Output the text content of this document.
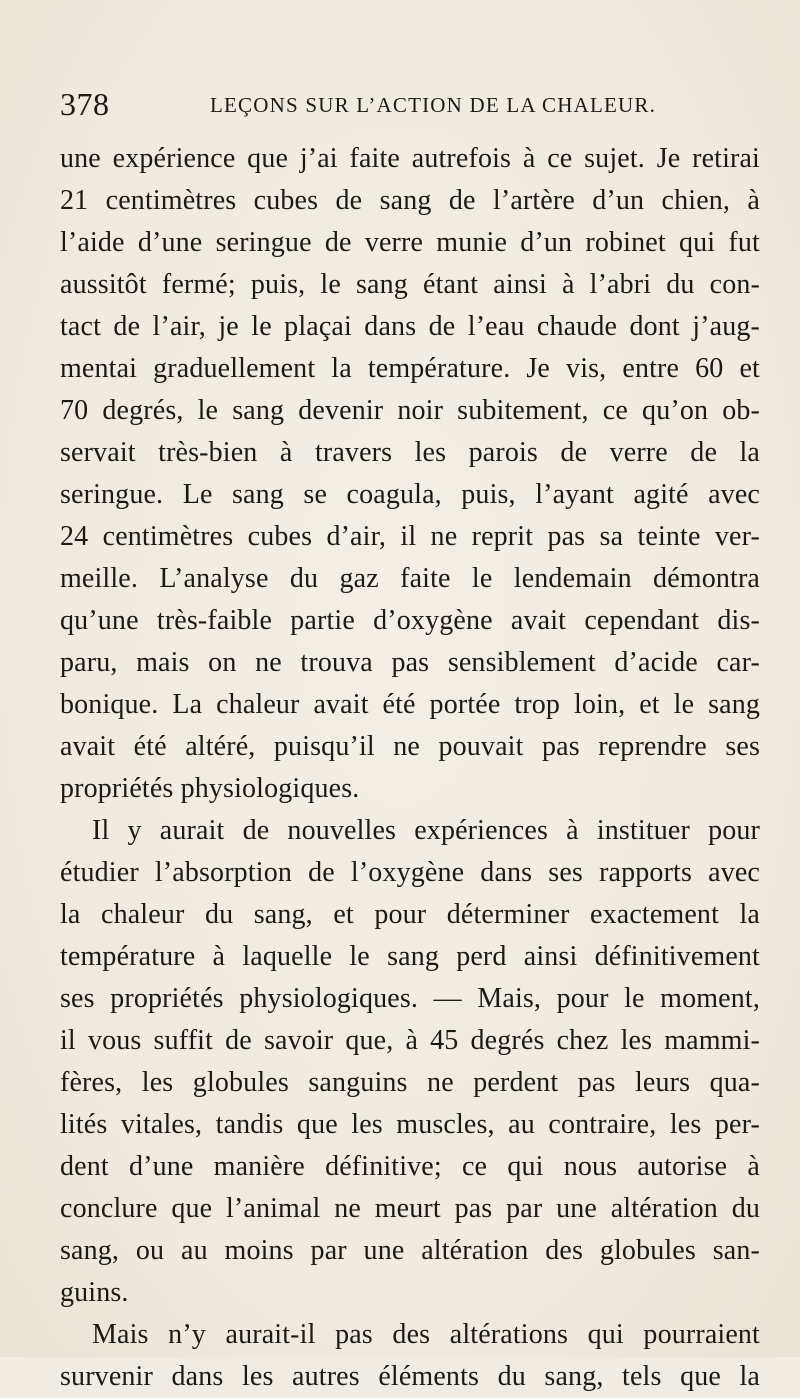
378	LEÇONS SUR L’ACTION DE LA CHALEUR.
une expérience que j’ai faite autrefois à ce sujet. Je retirai
21 centimètres cubes de sang de l’artère d’un chien, à
l’aide d’une seringue de verre munie d’un robinet qui fut
aussitôt fermé; puis, le sang étant ainsi à l’abri du con-
tact de l’air, je le plaçai dans de l’eau chaude dont j’aug-
mentai graduellement la température. Je vis, entre 60 et
70 degrés, le sang devenir noir subitement, ce qu’on ob-
servait très-bien à travers les parois de verre de la
seringue. Le sang se coagula, puis, l’ayant agité avec
24 centimètres cubes d’air, il ne reprit pas sa teinte ver-
meille. L’analyse du gaz faite le lendemain démontra
qu’une très-faible partie d’oxygène avait cependant dis-
paru, mais on ne trouva pas sensiblement d’acide car-
bonique. La chaleur avait été portée trop loin, et le sang
avait été altéré, puisqu’il ne pouvait pas reprendre ses
propriétés physiologiques.
Il y aurait de nouvelles expériences à instituer pour
étudier l’absorption de l’oxygène dans ses rapports avec
la chaleur du sang, et pour déterminer exactement la
température à laquelle le sang perd ainsi définitivement
ses propriétés physiologiques. — Mais, pour le moment,
il vous suffit de savoir que, à 45 degrés chez les mammi-
fères, les globules sanguins ne perdent pas leurs qua-
lités vitales, tandis que les muscles, au contraire, les per-
dent d’une manière définitive; ce qui nous autorise à
conclure que l’animal ne meurt pas par une altération du
sang, ou au moins par une altération des globules san-
guins.
Mais n’y aurait-il pas des altérations qui pourraient
survenir dans les autres éléments du sang, tels que la
